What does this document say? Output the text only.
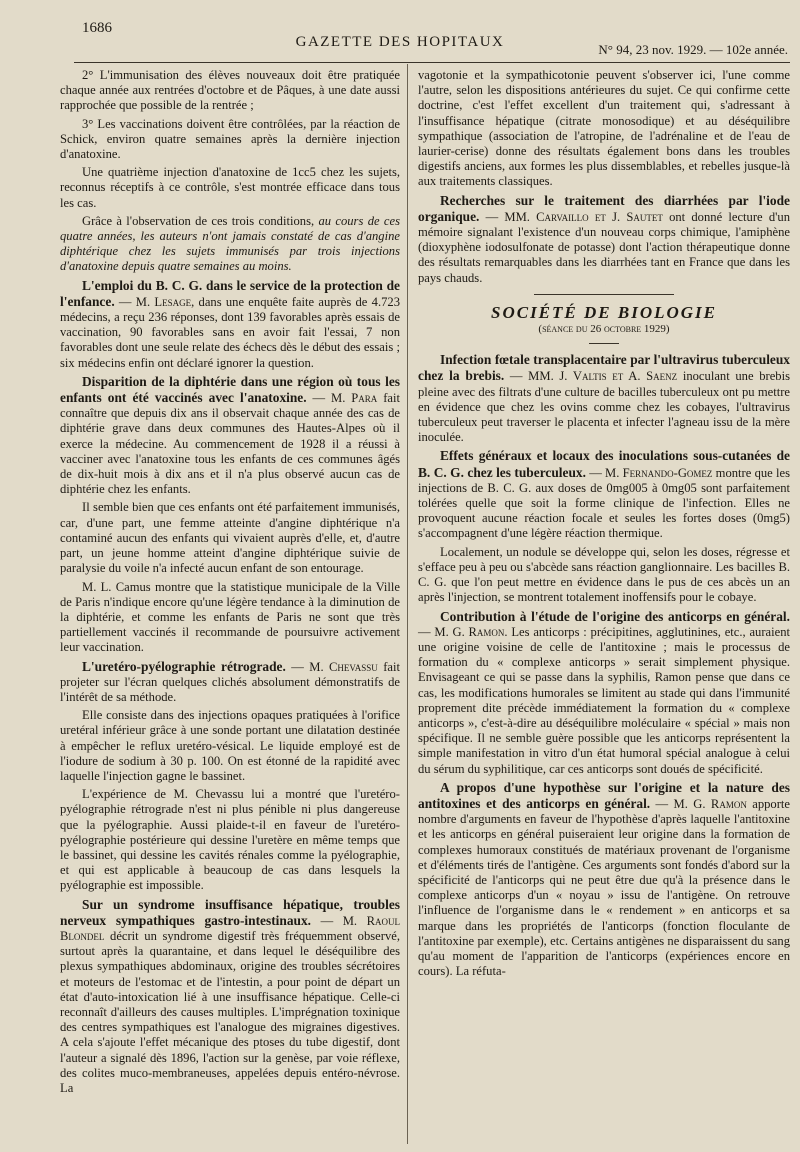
1686
GAZETTE DES HOPITAUX	N° 94, 23 nov. 1929. — 102e année.

2° L'immunisation des élèves nouveaux doit être pratiquée chaque année aux rentrées d'octobre et de Pâques, à une date aussi rapprochée que possible de la rentrée ;

3° Les vaccinations doivent être contrôlées, par la réaction de Schick, environ quatre semaines après la dernière injection d'anatoxine.

Une quatrième injection d'anatoxine de 1cc5 chez les sujets, reconnus réceptifs à ce contrôle, s'est montrée efficace dans tous les cas.

Grâce à l'observation de ces trois conditions, au cours de ces quatre années, les auteurs n'ont jamais constaté de cas d'angine diphtérique chez les sujets immunisés par trois injections d'anatoxine depuis quatre semaines au moins.

L'emploi du B. C. G. dans le service de la protection de l'enfance. — M. Lesage, dans une enquête faite auprès de 4.723 médecins, a reçu 236 réponses, dont 139 favorables après essais de vaccination, 90 favorables sans en avoir fait l'essai, 7 non favorables dont une seule relate des échecs dès le début des essais ; six médecins enfin ont déclaré ignorer la question.

Disparition de la diphtérie dans une région où tous les enfants ont été vaccinés avec l'anatoxine. — M. Para fait connaître que depuis dix ans il observait chaque année des cas de diphtérie grave dans deux communes des Hautes-Alpes où il exerce la médecine. Au commencement de 1928 il a réussi à vacciner avec l'anatoxine tous les enfants de ces communes âgés de dix-huit mois à dix ans et il n'a plus observé aucun cas de diphtérie chez les enfants.

Il semble bien que ces enfants ont été parfaitement immunisés, car, d'une part, une femme atteinte d'angine diphtérique n'a contaminé aucun des enfants qui vivaient auprès d'elle, et, d'autre part, un jeune homme atteint d'angine diphtérique suivie de paralysie du voile n'a infecté aucun enfant de son entourage.

M. L. Camus montre que la statistique municipale de la Ville de Paris n'indique encore qu'une légère tendance à la diminution de la diphtérie, et comme les enfants de Paris ne sont que très partiellement vaccinés il recommande de poursuivre activement leur vaccination.

L'uretéro-pyélographie rétrograde. — M. Chevassu fait projeter sur l'écran quelques clichés absolument démonstratifs de l'intérêt de sa méthode.

Elle consiste dans des injections opaques pratiquées à l'orifice uretéral inférieur grâce à une sonde portant une dilatation destinée à empêcher le reflux uretéro-vésical. Le liquide employé est de l'iodure de sodium à 30 p. 100. On est étonné de la rapidité avec laquelle l'injection gagne le bassinet.

L'expérience de M. Chevassu lui a montré que l'uretéro-pyélographie rétrograde n'est ni plus pénible ni plus dangereuse que la pyélographie. Aussi plaide-t-il en faveur de l'uretéro-pyélographie postérieure qui dessine l'uretère en même temps que le bassinet, qui dessine les cavités rénales comme la pyélographie, et qui est applicable à beaucoup de cas dans lesquels la pyélographie est impossible.

Sur un syndrome insuffisance hépatique, troubles nerveux sympathiques gastro-intestinaux. — M. Raoul Blondel décrit un syndrome digestif très fréquemment observé, surtout après la quarantaine, et dans lequel le déséquilibre des plexus sympathiques abdominaux, origine des troubles sécrétoires et moteurs de l'estomac et de l'intestin, a pour point de départ un état d'auto-intoxication lié à une insuffisance hépatique. Celle-ci reconnaît d'ailleurs des causes multiples. L'imprégnation toxinique des centres sympathiques est l'analogue des migraines digestives. A cela s'ajoute l'effet mécanique des ptoses du tube digestif, dont l'auteur a signalé dès 1896, l'action sur la genèse, par voie réflexe, des colites muco-membraneuses, appelées depuis entéro-névrose. La

vagotonie et la sympathicotonie peuvent s'observer ici, l'une comme l'autre, selon les dispositions antérieures du sujet. Ce qui confirme cette doctrine, c'est l'effet excellent d'un traitement qui, s'adressant à l'insuffisance hépatique (citrate monosodique) et au déséquilibre sympathique (association de l'atropine, de l'adrénaline et de l'eau de laurier-cerise) donne des résultats également bons dans les troubles digestifs anciens, aux formes les plus dissemblables, et rebelles jusque-là aux traitements classiques.

Recherches sur le traitement des diarrhées par l'iode organique. — MM. Carvaillo et J. Sautet ont donné lecture d'un mémoire signalant l'existence d'un nouveau corps chimique, l'amiphène (dioxyphène iodosulfonate de potasse) dont l'action thérapeutique donne des résultats remarquables dans les diarrhées tant en France que dans les pays chauds.

SOCIÉTÉ DE BIOLOGIE

(séance du 26 octobre 1929)

Infection fœtale transplacentaire par l'ultravirus tuberculeux chez la brebis. — MM. J. Valtis et A. Saenz inoculant une brebis pleine avec des filtrats d'une culture de bacilles tuberculeux ont pu mettre en évidence que chez les ovins comme chez les cobayes, l'ultravirus tuberculeux peut traverser le placenta et infecter l'agneau issu de la mère inoculée.

Effets généraux et locaux des inoculations sous-cutanées de B. C. G. chez les tuberculeux. — M. Fernando-Gomez montre que les injections de B. C. G. aux doses de 0mg005 à 0mg05 sont parfaitement tolérées quelle que soit la forme clinique de l'infection. Elles ne provoquent aucune réaction focale et seules les fortes doses (0mg5) s'accompagnent d'une légère réaction thermique.

Localement, un nodule se développe qui, selon les doses, régresse et s'efface peu à peu ou s'abcède sans réaction ganglionnaire. Les bacilles B. C. G. que l'on peut mettre en évidence dans le pus de ces abcès un an après l'injection, se montrent totalement inoffensifs pour le cobaye.

Contribution à l'étude de l'origine des anticorps en général. — M. G. Ramon. Les anticorps : précipitines, agglutinines, etc., auraient une origine voisine de celle de l'antitoxine ; mais le processus de formation du « complexe anticorps » serait simplement physique. Envisageant ce qui se passe dans la syphilis, Ramon pense que dans ce cas, les modifications humorales se limitent au stade qui dans l'immunité proprement dite précède immédiatement la formation du « complexe anticorps », c'est-à-dire au déséquilibre moléculaire « spécial » mais non spécifique. Il ne semble guère possible que les anticorps représentent la simple manifestation in vitro d'un état humoral spécial analogue à celui du sérum du syphilitique, car ces anticorps sont doués de spécificité.

A propos d'une hypothèse sur l'origine et la nature des antitoxines et des anticorps en général. — M. G. Ramon apporte nombre d'arguments en faveur de l'hypothèse d'après laquelle l'antitoxine et les anticorps en général puiseraient leur origine dans la formation de complexes humoraux constitués de matériaux provenant de l'organisme et d'éléments tirés de l'antigène. Ces arguments sont fondés d'abord sur la spécificité de l'anticorps qui ne peut être due qu'à la présence dans le complexe anticorps d'un « noyau » issu de l'antigène. On retrouve l'influence de l'organisme dans le « rendement » en anticorps et sa marque dans les propriétés de l'anticorps (fonction floculante de l'antitoxine par exemple), etc. Certains antigènes ne disparaissent du sang qu'au moment de l'apparition de l'anticorps (expériences encore en cours). La réfuta-
